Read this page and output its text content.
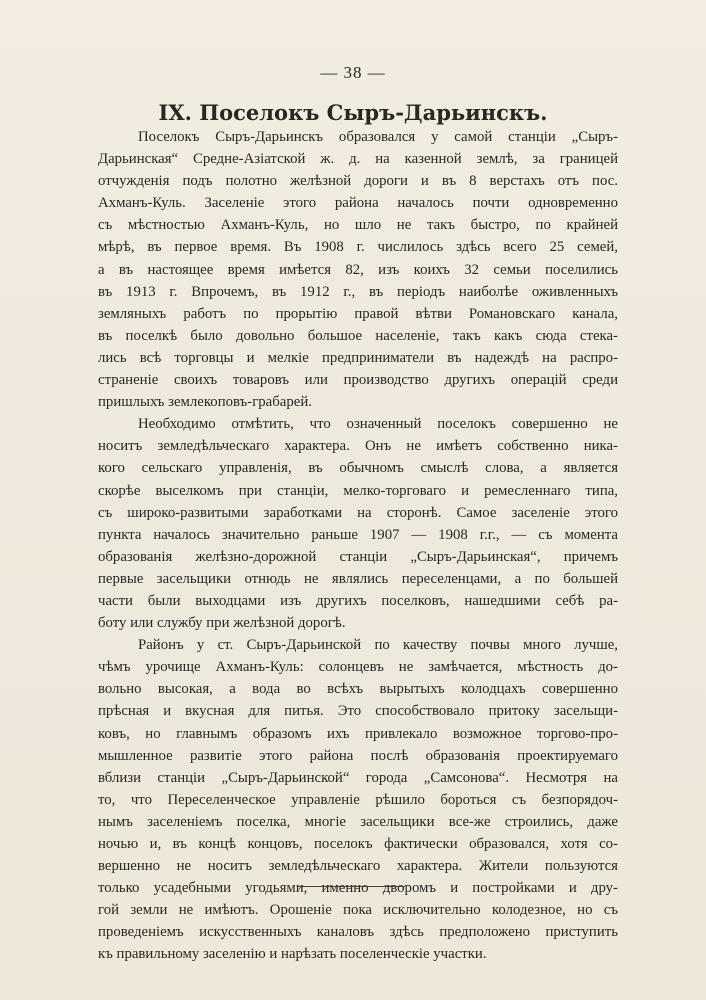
— 38 —
IX. Поселокъ Сыръ-Дарьинскъ.
Поселокъ Сыръ-Дарьинскъ образовался у самой станціи „Сыръ-
Дарьинская“ Средне-Азіатской ж. д. на казенной землѣ, за границей
отчужденія подъ полотно желѣзной дороги и въ 8 верстахъ отъ пос.
Ахманъ-Куль. Заселеніе этого района началось почти одновременно
съ мѣстностью Ахманъ-Куль, но шло не такъ быстро, по крайней
мѣрѣ, въ первое время. Въ 1908 г. числилось здѣсь всего 25 семей,
а въ настоящее время имѣется 82, изъ коихъ 32 семьи поселились
въ 1913 г. Впрочемъ, въ 1912 г., въ періодъ наиболѣе оживленныхъ
земляныхъ работъ по прорытію правой вѣтви Романовскаго канала,
въ поселкѣ было довольно большое населеніе, такъ какъ сюда стека-
лись всѣ торговцы и мелкіе предприниматели въ надеждѣ на распро-
страненіе своихъ товаровъ или производство другихъ операцій среди
пришлыхъ землекоповъ-грабарей.
Необходимо отмѣтить, что означенный поселокъ совершенно не
носитъ земледѣльческаго характера. Онъ не имѣетъ собственно ника-
кого сельскаго управленія, въ обычномъ смыслѣ слова, а является
скорѣе выселкомъ при станціи, мелко-торговаго и ремесленнаго типа,
съ широко-развитыми заработками на сторонѣ. Самое заселеніе этого
пункта началось значительно раньше 1907 — 1908 г.г., — съ момента
образованія желѣзно-дорожной станціи „Сыръ-Дарьинская“, причемъ
первые засельщики отнюдь не являлись переселенцами, а по большей
части были выходцами изъ другихъ поселковъ, нашедшими себѣ ра-
боту или службу при желѣзной дорогѣ.
Районъ у ст. Сыръ-Дарьинской по качеству почвы много лучше,
чѣмъ урочище Ахманъ-Куль: солонцевъ не замѣчается, мѣстность до-
вольно высокая, а вода во всѣхъ вырытыхъ колодцахъ совершенно
прѣсная и вкусная для питья. Это способствовало притоку засельщи-
ковъ, но главнымъ образомъ ихъ привлекало возможное торгово-про-
мышленное развитіе этого района послѣ образованія проектируемаго
вблизи станціи „Сыръ-Дарьинской“ города „Самсонова“. Несмотря на
то, что Переселенческое управленіе рѣшило бороться съ безпорядоч-
нымъ заселеніемъ поселка, многіе засельщики все-же строились, даже
ночью и, въ концѣ концовъ, поселокъ фактически образовался, хотя со-
вершенно не носитъ земледѣльческаго характера. Жители пользуются
только усадебными угодьями, именно дворомъ и постройками и дру-
гой земли не имѣютъ. Орошеніе пока исключительно колодезное, но съ
проведеніемъ искусственныхъ каналовъ здѣсь предположено приступить
къ правильному заселенію и нарѣзать поселенческіе участки.
